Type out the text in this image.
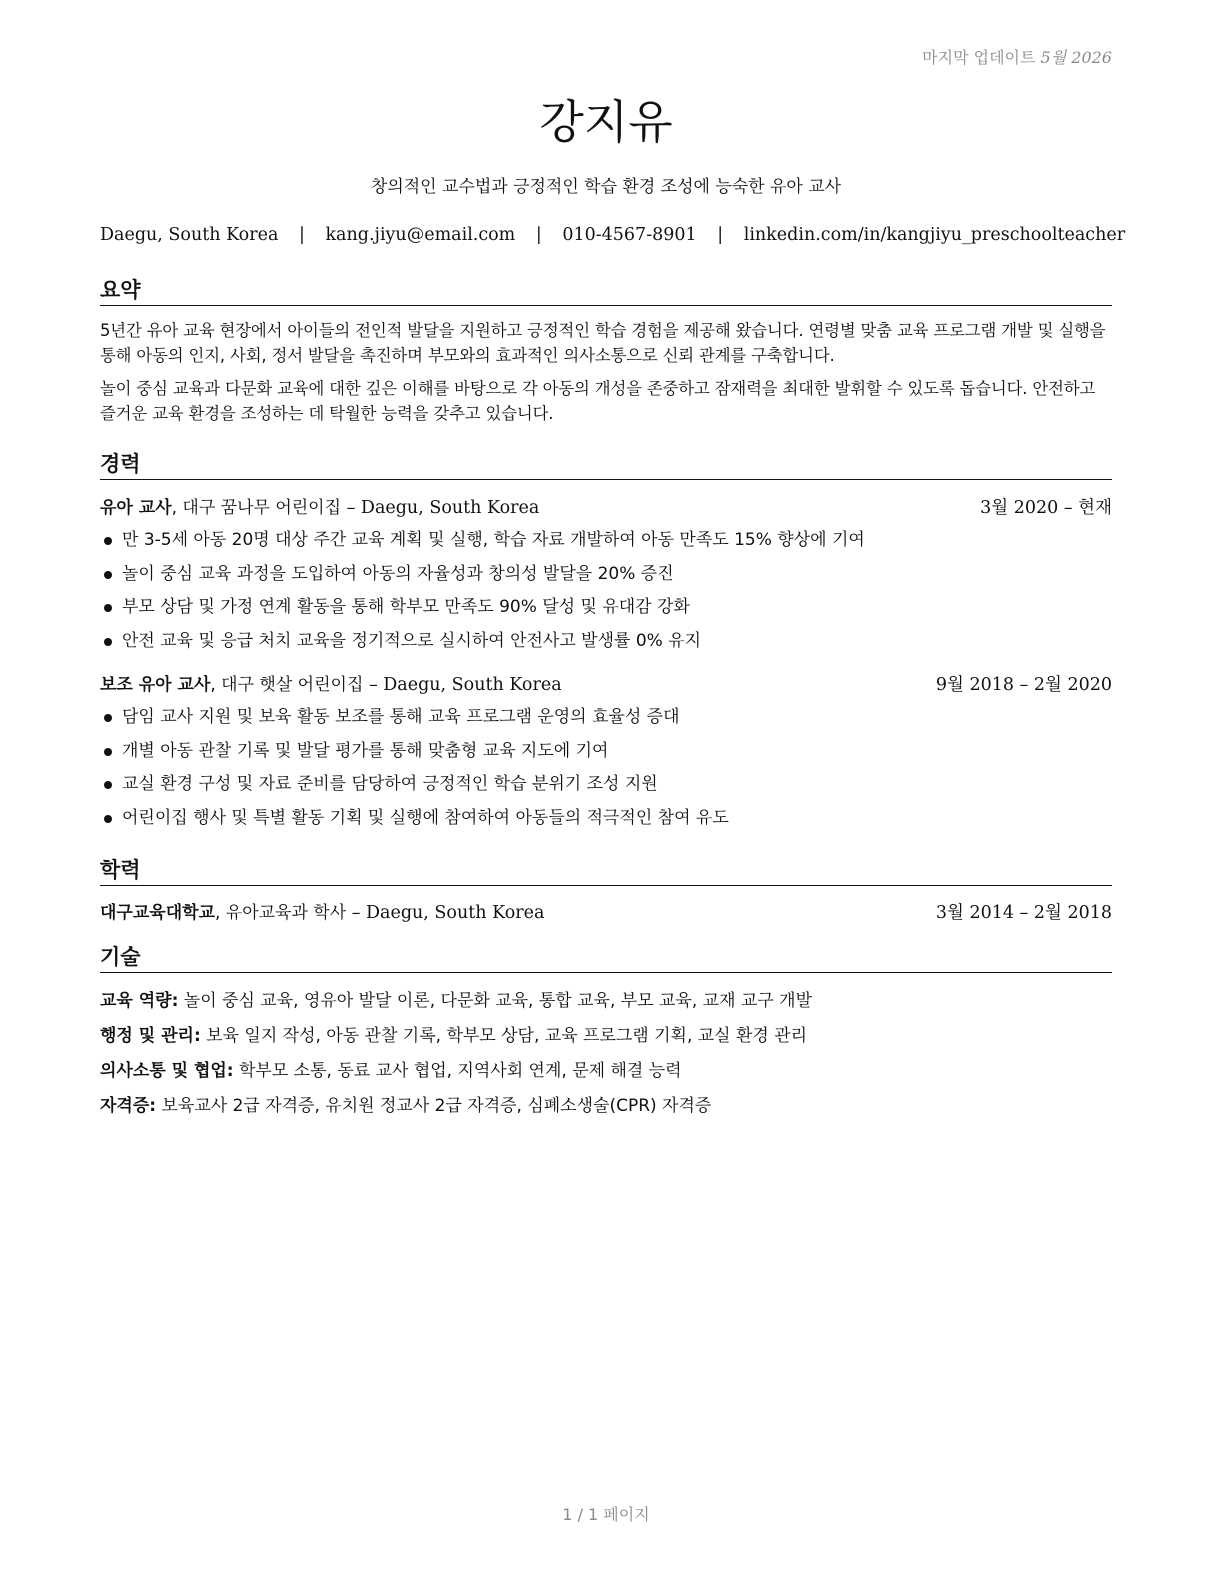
마지막 업데이트 5월 2026
강지유
창의적인 교수법과 긍정적인 학습 환경 조성에 능숙한 유아 교사
Daegu, South Korea | kang.jiyu@email.com | 010-4567-8901 | linkedin.com/in/kangjiyu_preschoolteacher
요약

5년간 유아 교육 현장에서 아이들의 전인적 발달을 지원하고 긍정적인 학습 경험을 제공해 왔습니다. 연령별 맞춤 교육 프로그램 개발 및 실행을 통해 아동의 인지, 사회, 정서 발달을 촉진하며 부모와의 효과적인 의사소통으로 신뢰 관계를 구축합니다.

놀이 중심 교육과 다문화 교육에 대한 깊은 이해를 바탕으로 각 아동의 개성을 존중하고 잠재력을 최대한 발휘할 수 있도록 돕습니다. 안전하고 즐거운 교육 환경을 조성하는 데 탁월한 능력을 갖추고 있습니다.

경력
유아 교사, 대구 꿈나무 어린이집 – Daegu, South Korea	3월 2020 – 현재
만 3-5세 아동 20명 대상 주간 교육 계획 및 실행, 학습 자료 개발하여 아동 만족도 15% 향상에 기여
놀이 중심 교육 과정을 도입하여 아동의 자율성과 창의성 발달을 20% 증진
부모 상담 및 가정 연계 활동을 통해 학부모 만족도 90% 달성 및 유대감 강화
안전 교육 및 응급 처치 교육을 정기적으로 실시하여 안전사고 발생률 0% 유지
보조 유아 교사, 대구 햇살 어린이집 – Daegu, South Korea	9월 2018 – 2월 2020
담임 교사 지원 및 보육 활동 보조를 통해 교육 프로그램 운영의 효율성 증대
개별 아동 관찰 기록 및 발달 평가를 통해 맞춤형 교육 지도에 기여
교실 환경 구성 및 자료 준비를 담당하여 긍정적인 학습 분위기 조성 지원
어린이집 행사 및 특별 활동 기획 및 실행에 참여하여 아동들의 적극적인 참여 유도
학력
대구교육대학교, 유아교육과 학사 – Daegu, South Korea	3월 2014 – 2월 2018
기술
교육 역량: 놀이 중심 교육, 영유아 발달 이론, 다문화 교육, 통합 교육, 부모 교육, 교재 교구 개발
행정 및 관리: 보육 일지 작성, 아동 관찰 기록, 학부모 상담, 교육 프로그램 기획, 교실 환경 관리
의사소통 및 협업: 학부모 소통, 동료 교사 협업, 지역사회 연계, 문제 해결 능력
자격증: 보육교사 2급 자격증, 유치원 정교사 2급 자격증, 심폐소생술(CPR) 자격증
1 / 1 페이지
